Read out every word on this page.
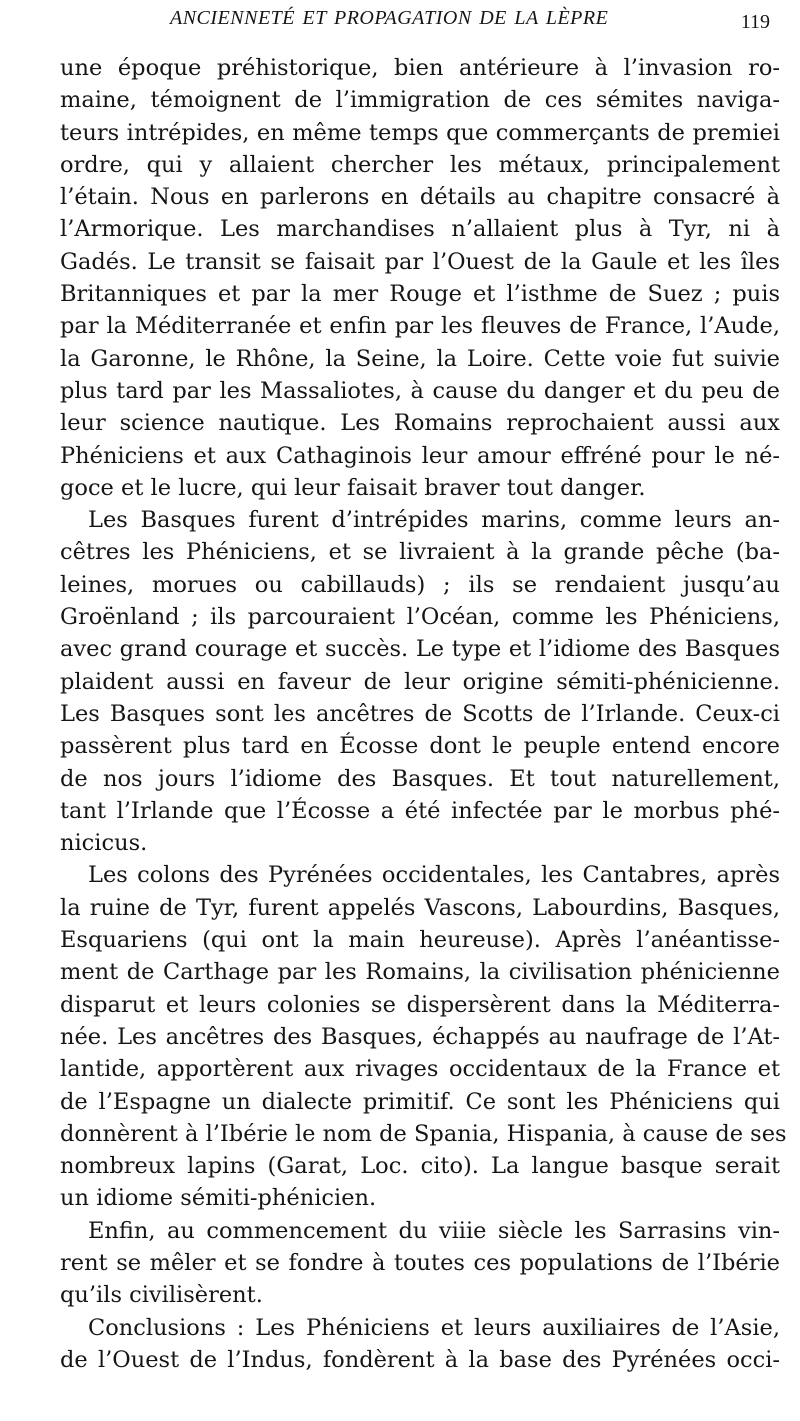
ANCIENNETÉ ET PROPAGATION DE LA LÈPRE	119
une époque préhistorique, bien antérieure à l’invasion ro-
maine, témoignent de l’immigration de ces sémites naviga-
teurs intrépides, en même temps que commerçants de premiei
ordre, qui y allaient chercher les métaux, principalement
l’étain. Nous en parlerons en détails au chapitre consacré à
l’Armorique. Les marchandises n’allaient plus à Tyr, ni à
Gadés. Le transit se faisait par l’Ouest de la Gaule et les îles
Britanniques et par la mer Rouge et l’isthme de Suez ; puis
par la Méditerranée et enfin par les fleuves de France, l’Aude,
la Garonne, le Rhône, la Seine, la Loire. Cette voie fut suivie
plus tard par les Massaliotes, à cause du danger et du peu de
leur science nautique. Les Romains reprochaient aussi aux
Phéniciens et aux Cathaginois leur amour effréné pour le né-
goce et le lucre, qui leur faisait braver tout danger.
Les Basques furent d’intrépides marins, comme leurs an-
cêtres les Phéniciens, et se livraient à la grande pêche (ba-
leines, morues ou cabillauds) ; ils se rendaient jusqu’au
Groënland ; ils parcouraient l’Océan, comme les Phéniciens,
avec grand courage et succès. Le type et l’idiome des Basques
plaident aussi en faveur de leur origine sémiti-phénicienne.
Les Basques sont les ancêtres de Scotts de l’Irlande. Ceux-ci
passèrent plus tard en Écosse dont le peuple entend encore
de nos jours l’idiome des Basques. Et tout naturellement,
tant l’Irlande que l’Écosse a été infectée par le morbus phé-
nicicus.
Les colons des Pyrénées occidentales, les Cantabres, après
la ruine de Tyr, furent appelés Vascons, Labourdins, Basques,
Esquariens (qui ont la main heureuse). Après l’anéantisse-
ment de Carthage par les Romains, la civilisation phénicienne
disparut et leurs colonies se dispersèrent dans la Méditerra-
née. Les ancêtres des Basques, échappés au naufrage de l’At-
lantide, apportèrent aux rivages occidentaux de la France et
de l’Espagne un dialecte primitif. Ce sont les Phéniciens qui
donnèrent à l’Ibérie le nom de Spania, Hispania, à cause de ses
nombreux lapins (Garat, Loc. cito). La langue basque serait
un idiome sémiti-phénicien.
Enfin, au commencement du viiie siècle les Sarrasins vin-
rent se mêler et se fondre à toutes ces populations de l’Ibérie
qu’ils civilisèrent.
Conclusions : Les Phéniciens et leurs auxiliaires de l’Asie,
de l’Ouest de l’Indus, fondèrent à la base des Pyrénées occi-
